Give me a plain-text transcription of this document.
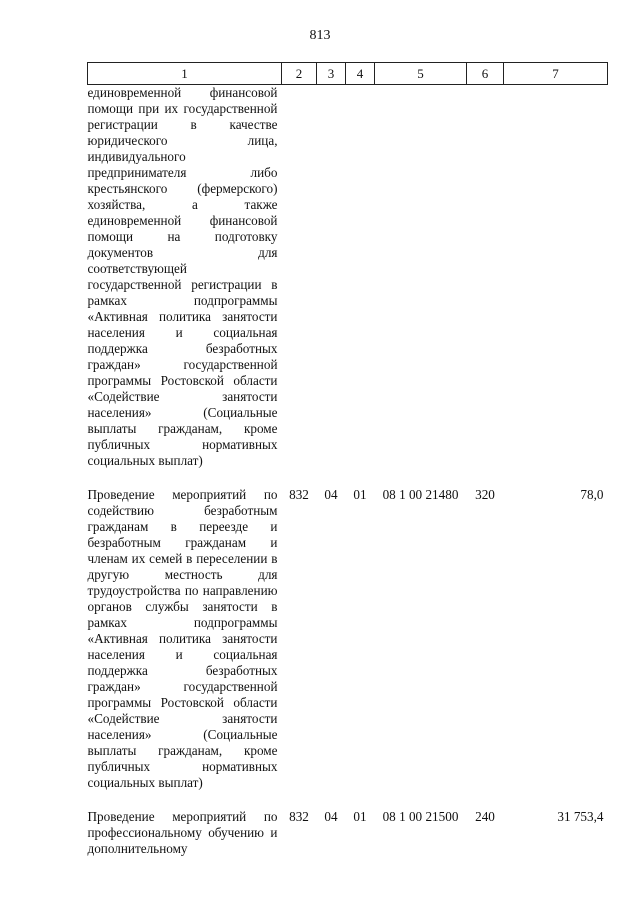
813
1	2	3	4	5	6	7
единовременной финансовой помощи при их государственной регистрации в качестве юридического лица, индивидуального предпринимателя либо крестьянского (фермерского) хозяйства, а также единовременной финансовой помощи на подготовку документов для соответствующей государственной регистрации в рамках подпрограммы «Активная политика занятости населения и социальная поддержка безработных граждан» государственной программы Ростовской области «Содействие занятости населения» (Социальные выплаты гражданам, кроме публичных нормативных социальных выплат)						

Проведение мероприятий по содействию безработным гражданам в переезде и безработным гражданам и членам их семей в переселении в другую местность для трудоустройства по направлению органов службы занятости в рамках подпрограммы «Активная политика занятости населения и социальная поддержка безработных граждан» государственной программы Ростовской области «Содействие занятости населения» (Социальные выплаты гражданам, кроме публичных нормативных социальных выплат)	832	04	01	08 1 00 21480	320	78,0

Проведение мероприятий по профессиональному обучению и дополнительному	832	04	01	08 1 00 21500	240	31 753,4
